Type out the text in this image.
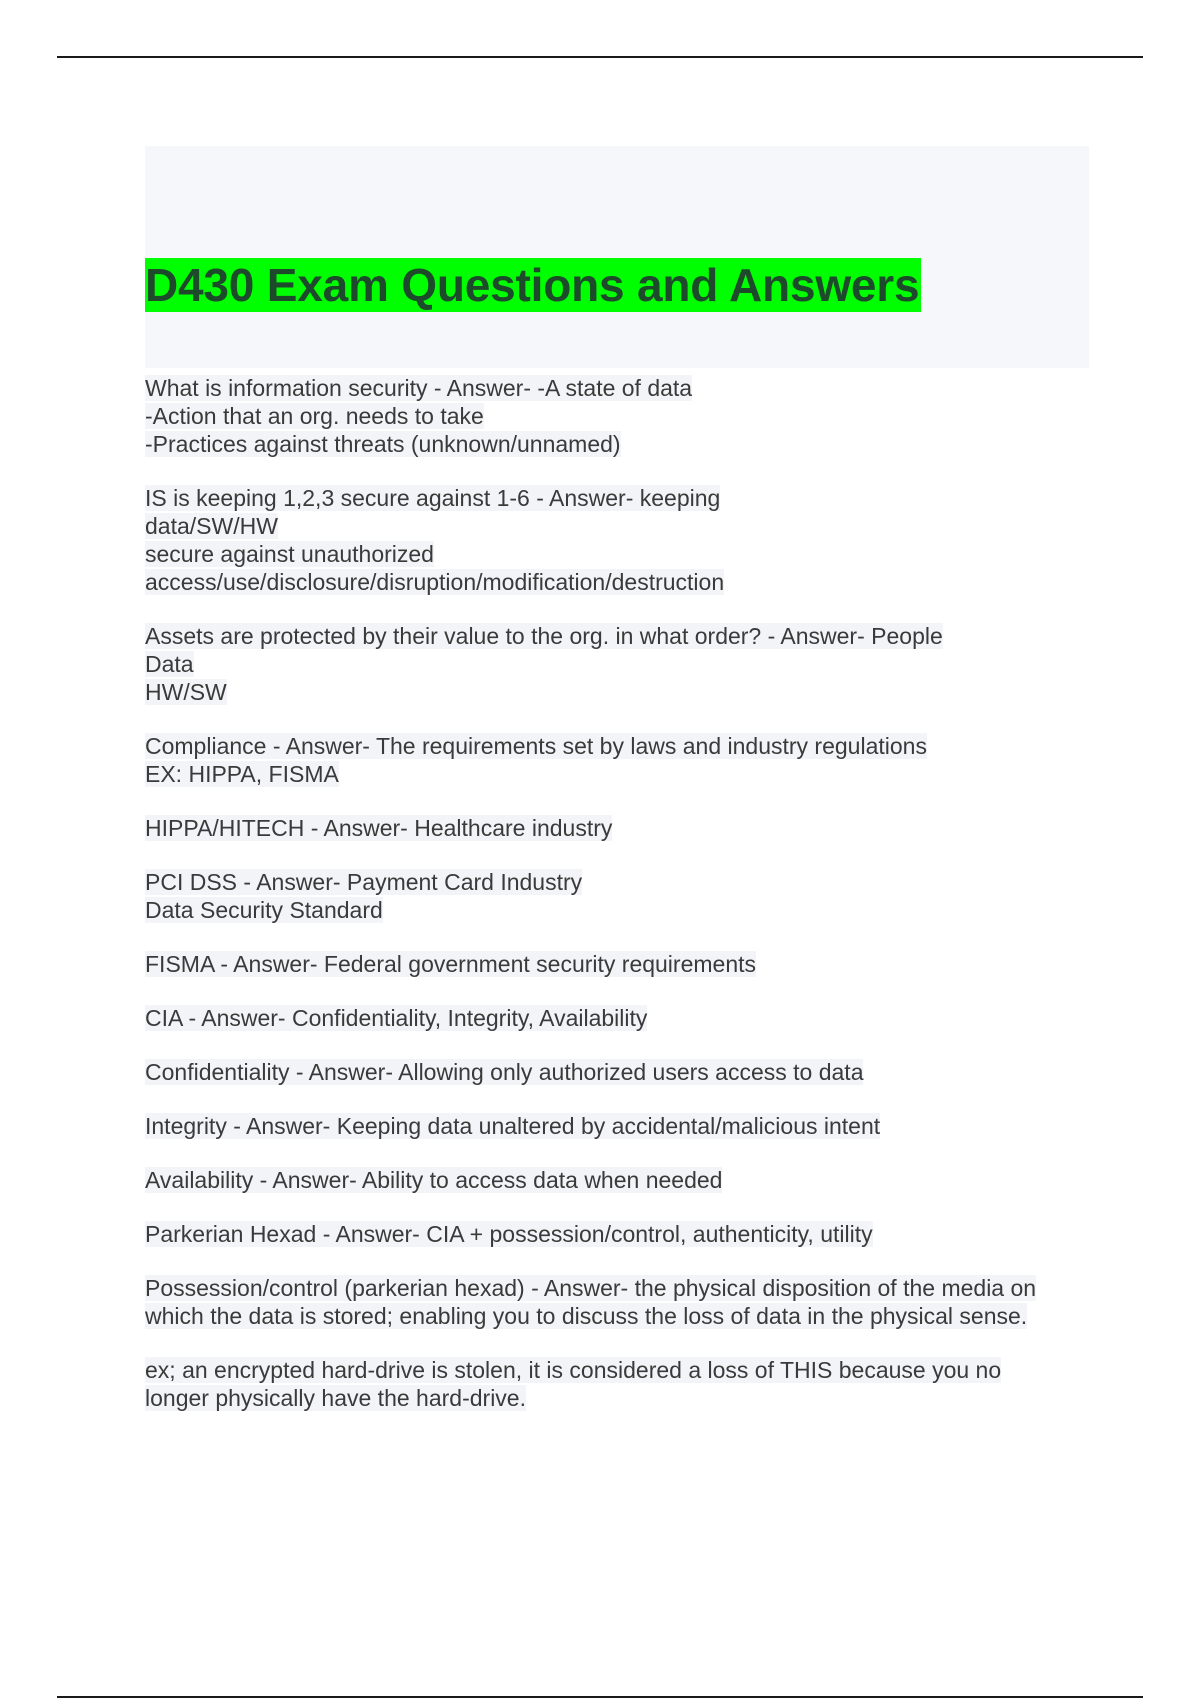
D430 Exam Questions and Answers
What is information security - Answer- -A state of data
-Action that an org. needs to take
-Practices against threats (unknown/unnamed)
IS is keeping 1,2,3 secure against 1-6 - Answer- keeping
data/SW/HW
secure against unauthorized
access/use/disclosure/disruption/modification/destruction
Assets are protected by their value to the org. in what order? - Answer- People
Data
HW/SW
Compliance - Answer- The requirements set by laws and industry regulations
EX: HIPPA, FISMA
HIPPA/HITECH - Answer- Healthcare industry
PCI DSS - Answer- Payment Card Industry
Data Security Standard
FISMA - Answer- Federal government security requirements
CIA - Answer- Confidentiality, Integrity, Availability
Confidentiality - Answer- Allowing only authorized users access to data
Integrity - Answer- Keeping data unaltered by accidental/malicious intent
Availability - Answer- Ability to access data when needed
Parkerian Hexad - Answer- CIA + possession/control, authenticity, utility
Possession/control (parkerian hexad) - Answer- the physical disposition of the media on
which the data is stored; enabling you to discuss the loss of data in the physical sense.
ex; an encrypted hard-drive is stolen, it is considered a loss of THIS because you no
longer physically have the hard-drive.
